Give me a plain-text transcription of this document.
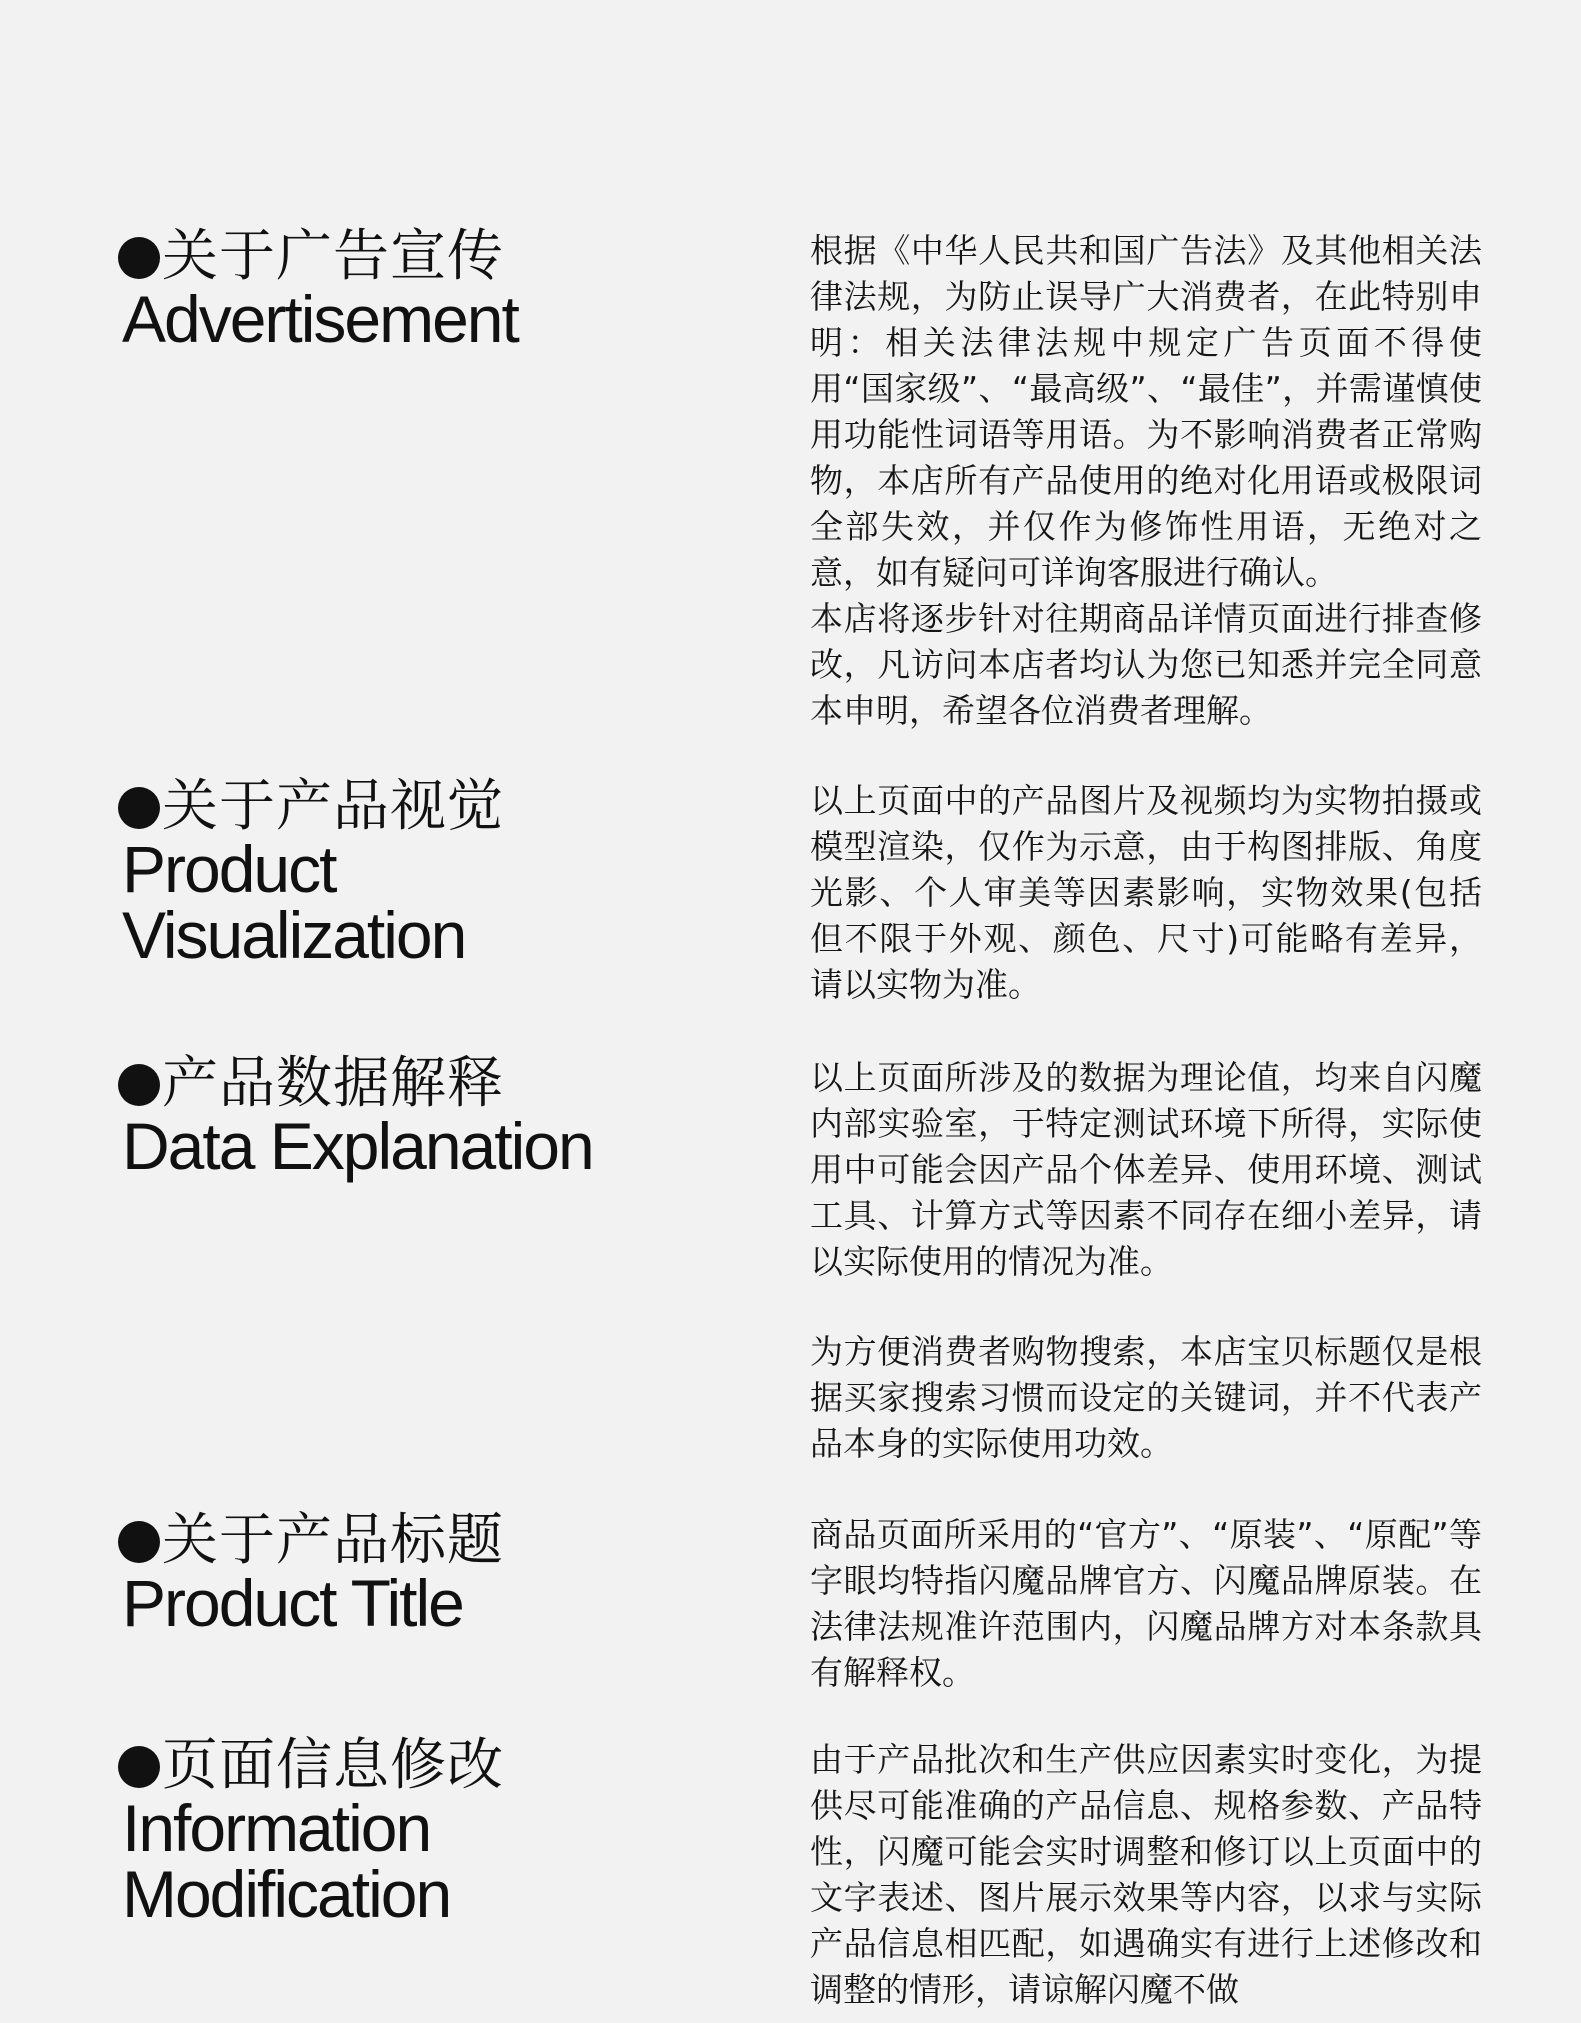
关于广告宣传
Advertisement

根据《中华人民共和国广告法》及其他相关法律法规，为防止误导广大消费者，在此特别申明：相关法律法规中规定广告页面不得使用“国家级”、“最高级”、“最佳”，并需谨慎使用功能性词语等用语。为不影响消费者正常购物，本店所有产品使用的绝对化用语或极限词全部失效，并仅作为修饰性用语，无绝对之意，如有疑问可详询客服进行确认。

本店将逐步针对往期商品详情页面进行排查修改，凡访问本店者均认为您已知悉并完全同意本申明，希望各位消费者理解。

关于产品视觉
Product
Visualization

以上页面中的产品图片及视频均为实物拍摄或模型渲染，仅作为示意，由于构图排版、角度光影、个人审美等因素影响，实物效果(包括但不限于外观、颜色、尺寸)可能略有差异，请以实物为准。

产品数据解释
Data Explanation

以上页面所涉及的数据为理论值，均来自闪魔内部实验室，于特定测试环境下所得，实际使用中可能会因产品个体差异、使用环境、测试工具、计算方式等因素不同存在细小差异，请以实际使用的情况为准。

为方便消费者购物搜索，本店宝贝标题仅是根据买家搜索习惯而设定的关键词，并不代表产品本身的实际使用功效。

关于产品标题
Product Title

商品页面所采用的“官方”、“原装”、“原配”等字眼均特指闪魔品牌官方、闪魔品牌原装。在法律法规准许范围内，闪魔品牌方对本条款具有解释权。

页面信息修改
Information
Modification

由于产品批次和生产供应因素实时变化，为提供尽可能准确的产品信息、规格参数、产品特性，闪魔可能会实时调整和修订以上页面中的文字表述、图片展示效果等内容，以求与实际产品信息相匹配，如遇确实有进行上述修改和调整的情形，请谅解闪魔不做
